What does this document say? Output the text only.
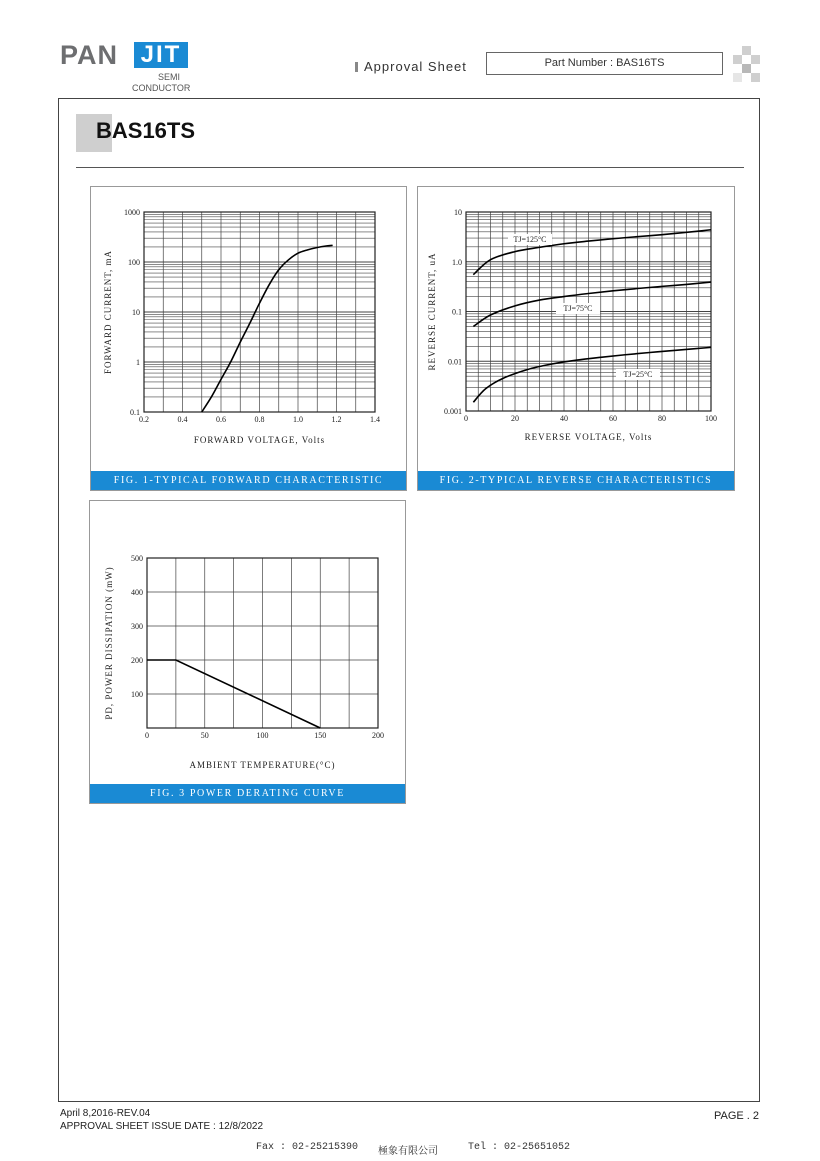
PAN JIT
SEMI
CONDUCTOR
Approval Sheet	Part Number : BAS16TS
BAS16TS
0.2	0.4	0.6	0.8	1.0	1.2	1.4
0.1
1
10
100
1000
FORWARD VOLTAGE, Volts
FORWARD CURRENT, mA
FIG. 1-TYPICAL FORWARD CHARACTERISTIC
0	20	40	60	80	100
0.001
0.01
0.1
1.0
10
REVERSE VOLTAGE, Volts
REVERSE CURRENT, uA
TJ=125°C
TJ=75°C
TJ=25°C
FIG. 2-TYPICAL REVERSE CHARACTERISTICS
0	50	100	150	200
100
200
300
400
500
AMBIENT TEMPERATURE(°C)
PD, POWER DISSIPATION (mW)
FIG. 3 POWER DERATING CURVE
April 8,2016-REV.04
APPROVAL SHEET ISSUE DATE : 12/8/2022
PAGE . 2
Fax : 02-25215390 極象有限公司	Tel : 02-25651052
